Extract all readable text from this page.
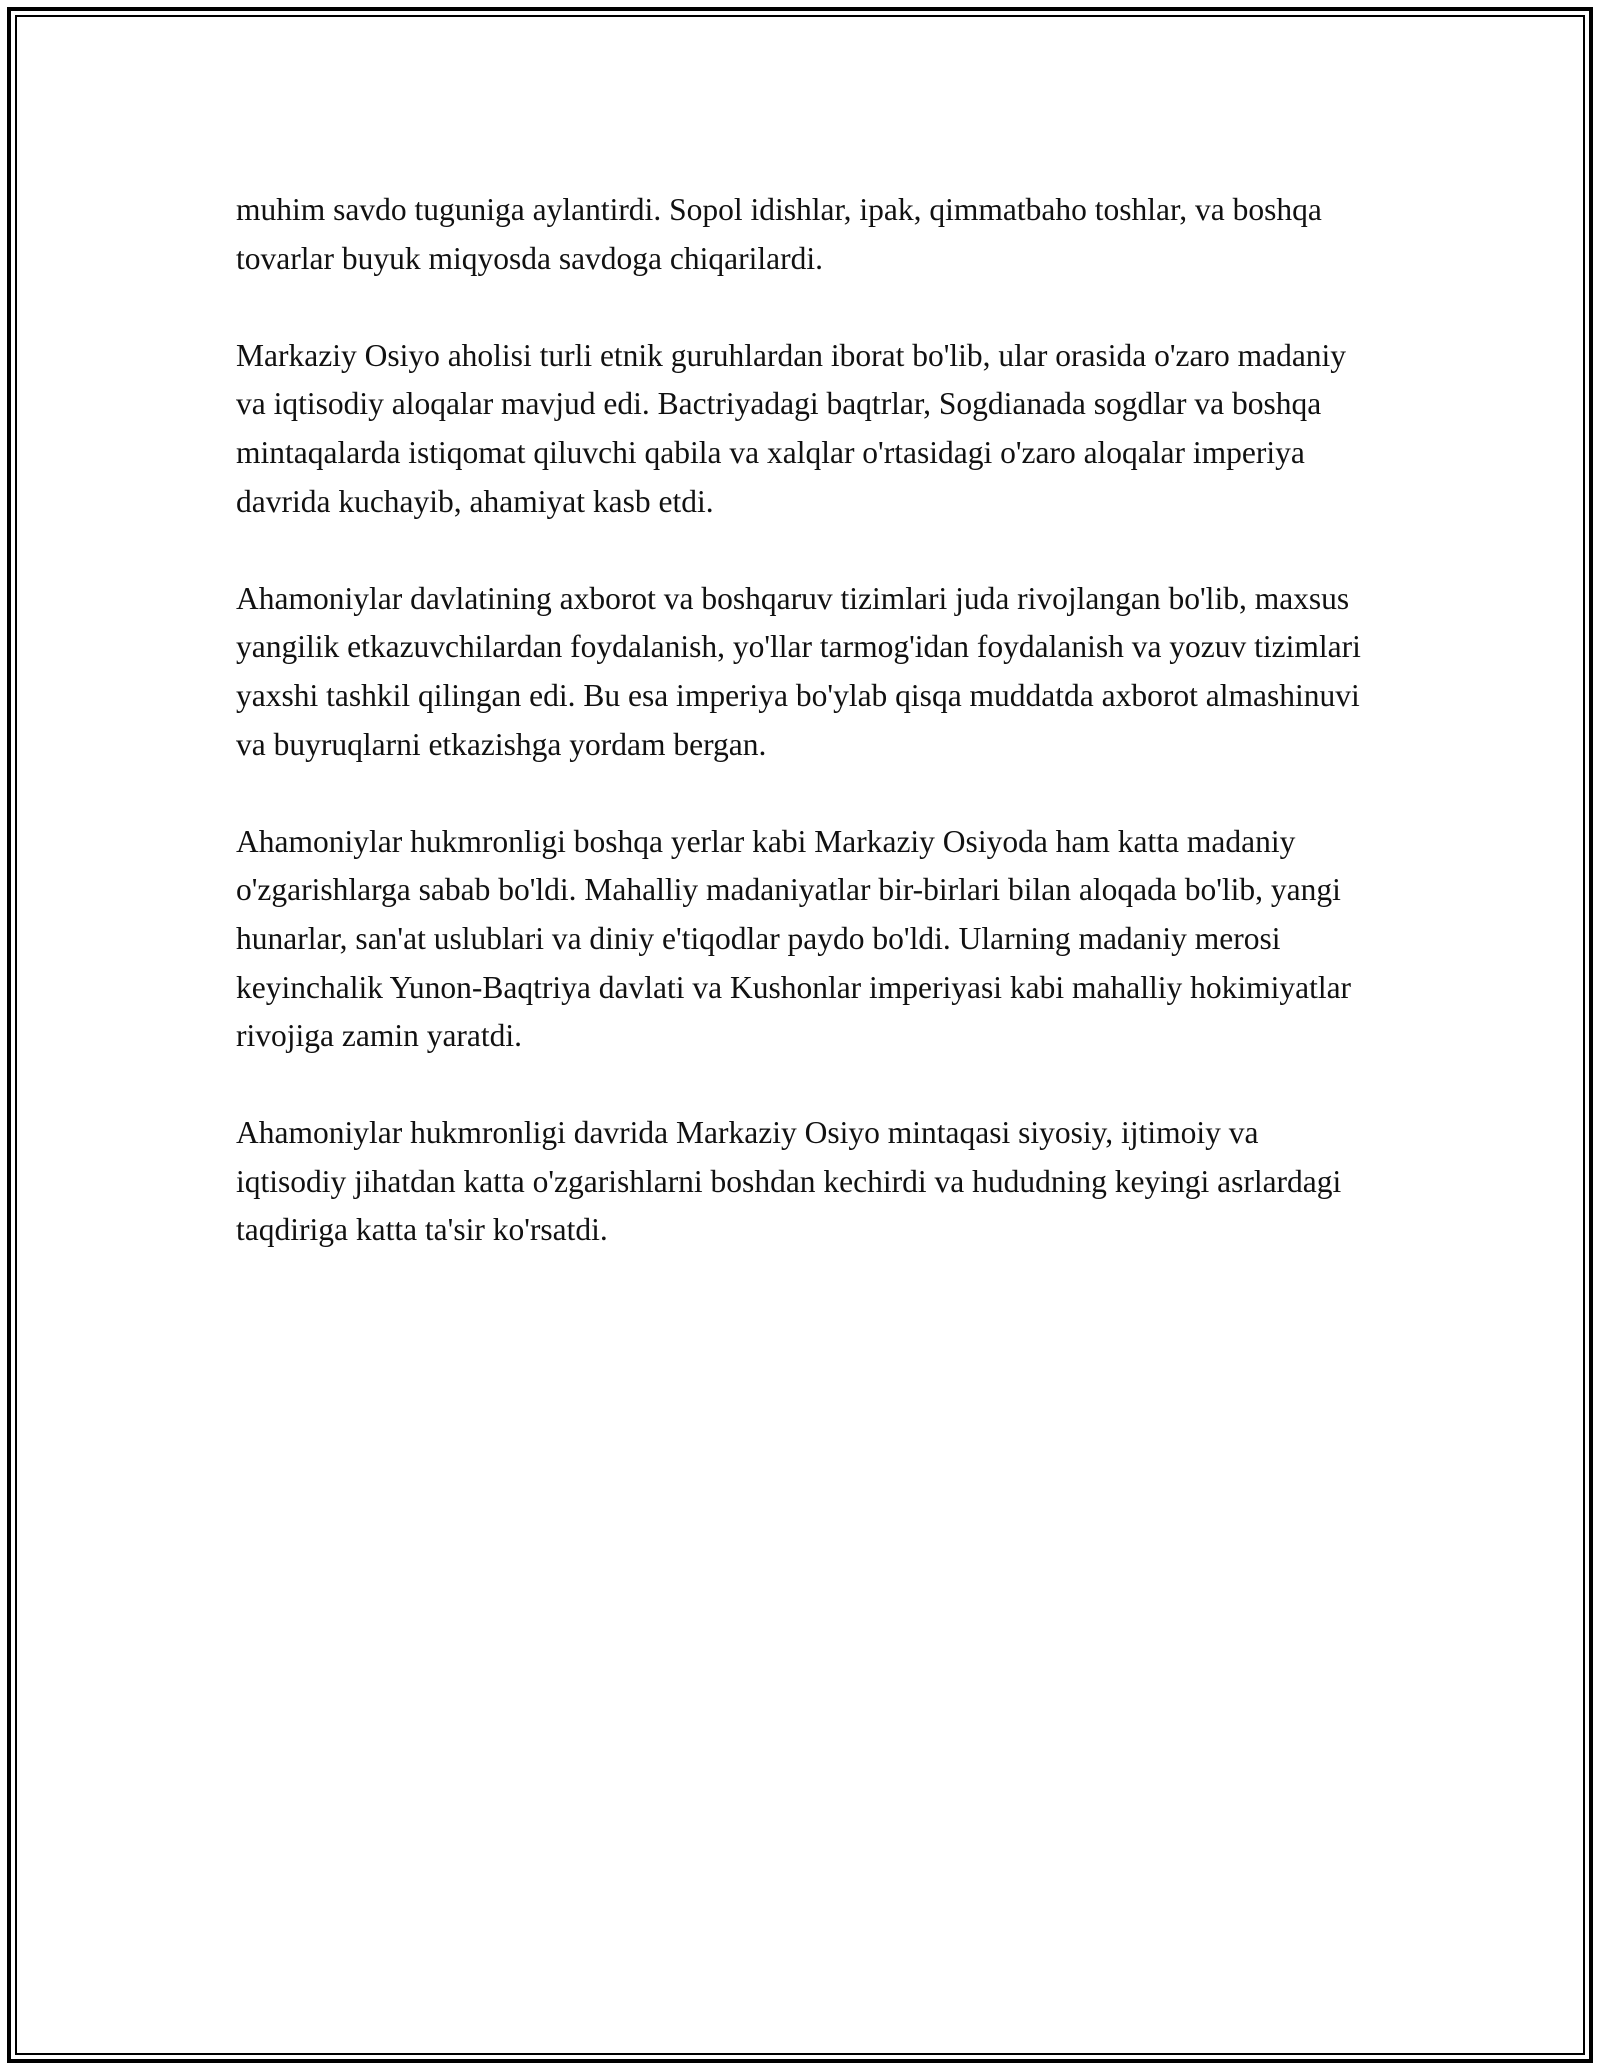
muhim savdo tuguniga aylantirdi. Sopol idishlar, ipak, qimmatbaho toshlar, va boshqa tovarlar buyuk miqyosda savdoga chiqarilardi.

Markaziy Osiyo aholisi turli etnik guruhlardan iborat bo'lib, ular orasida o'zaro madaniy va iqtisodiy aloqalar mavjud edi. Bactriyadagi baqtrlar, Sogdianada sogdlar va boshqa mintaqalarda istiqomat qiluvchi qabila va xalqlar o'rtasidagi o'zaro aloqalar imperiya davrida kuchayib, ahamiyat kasb etdi.

Ahamoniylar davlatining axborot va boshqaruv tizimlari juda rivojlangan bo'lib, maxsus yangilik etkazuvchilardan foydalanish, yo'llar tarmog'idan foydalanish va yozuv tizimlari yaxshi tashkil qilingan edi. Bu esa imperiya bo'ylab qisqa muddatda axborot almashinuvi va buyruqlarni etkazishga yordam bergan.

Ahamoniylar hukmronligi boshqa yerlar kabi Markaziy Osiyoda ham katta madaniy o'zgarishlarga sabab bo'ldi. Mahalliy madaniyatlar bir-birlari bilan aloqada bo'lib, yangi hunarlar, san'at uslublari va diniy e'tiqodlar paydo bo'ldi. Ularning madaniy merosi keyinchalik Yunon-Baqtriya davlati va Kushonlar imperiyasi kabi mahalliy hokimiyatlar rivojiga zamin yaratdi.

Ahamoniylar hukmronligi davrida Markaziy Osiyo mintaqasi siyosiy, ijtimoiy va iqtisodiy jihatdan katta o'zgarishlarni boshdan kechirdi va hududning keyingi asrlardagi taqdiriga katta ta'sir ko'rsatdi.
